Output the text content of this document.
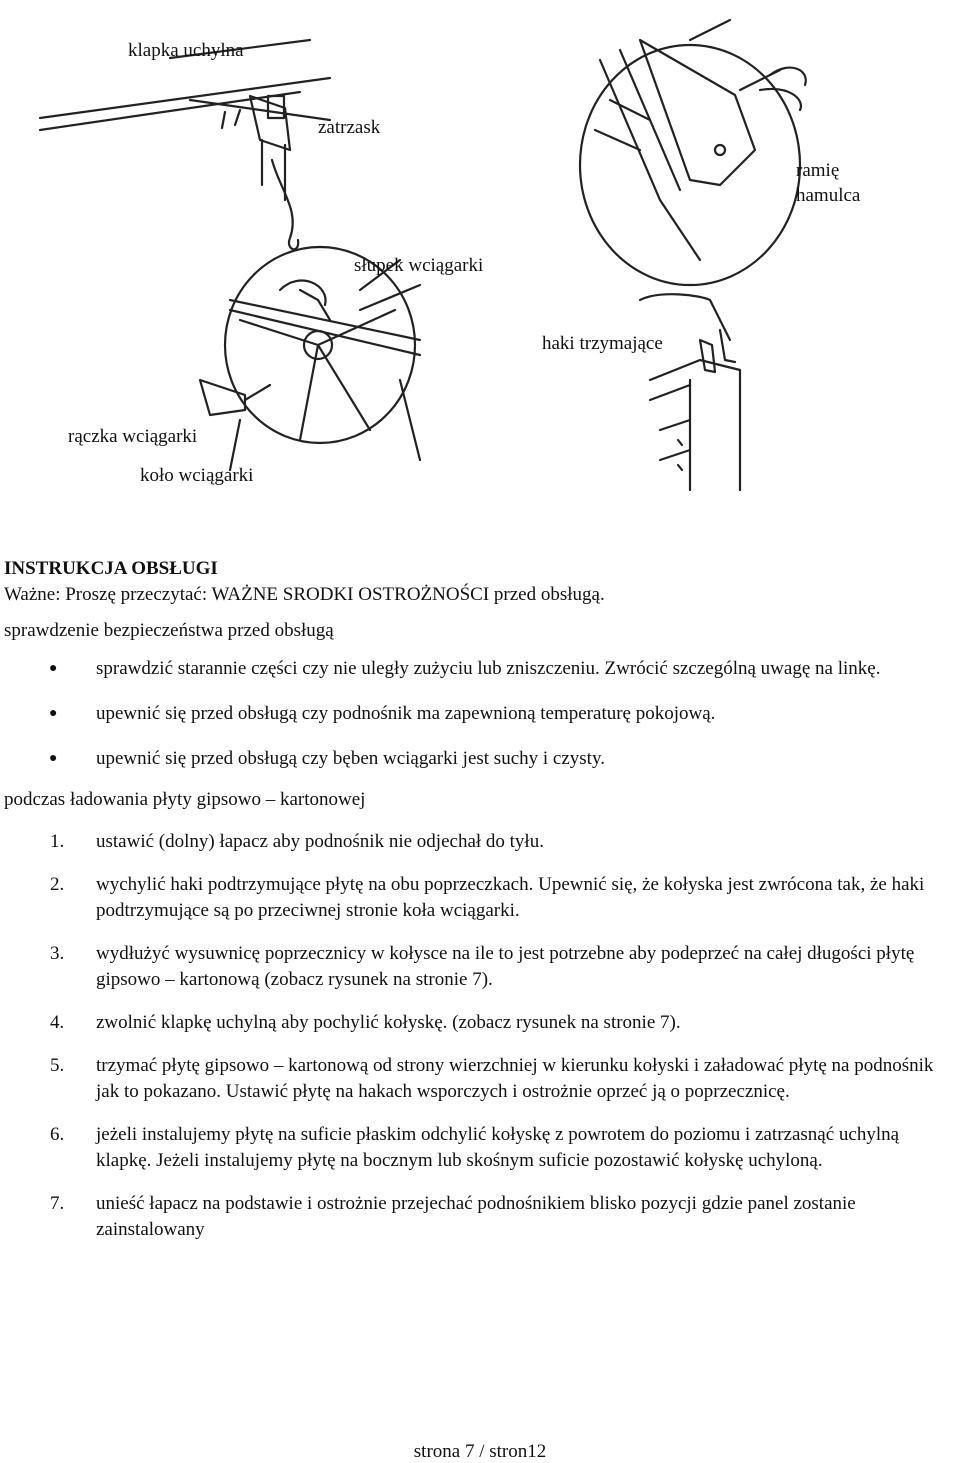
klapka uchylna
zatrzask
ramię hamulca
słupek wciągarki
haki trzymające
rączka wciągarki
koło wciągarki
INSTRUKCJA OBSŁUGI

Ważne: Proszę przeczytać: WAŻNE SRODKI OSTROŻNOŚCI przed obsługą.

sprawdzenie bezpieczeństwa przed obsługą
● sprawdzić starannie części czy nie uległy zużyciu lub zniszczeniu. Zwrócić szczególną uwagę na linkę.
● upewnić się przed obsługą czy podnośnik ma zapewnioną temperaturę pokojową.
● upewnić się przed obsługą czy bęben wciągarki jest suchy i czysty.
podczas ładowania płyty gipsowo – kartonowej
1. ustawić (dolny) łapacz aby podnośnik nie odjechał do tyłu.
2. wychylić haki podtrzymujące płytę na obu poprzeczkach. Upewnić się, że kołyska jest zwrócona tak, że haki podtrzymujące są po przeciwnej stronie koła wciągarki.
3. wydłużyć wysuwnicę poprzecznicy w kołysce na ile to jest potrzebne aby podeprzeć na całej długości płytę gipsowo – kartonową (zobacz rysunek na stronie 7).
4. zwolnić klapkę uchylną aby pochylić kołyskę. (zobacz rysunek na stronie 7).
5. trzymać płytę gipsowo – kartonową od strony wierzchniej w kierunku kołyski i załadować płytę na podnośnik jak to pokazano. Ustawić płytę na hakach wsporczych i ostrożnie oprzeć ją o poprzecznicę.
6. jeżeli instalujemy płytę na suficie płaskim odchylić kołyskę z powrotem do poziomu i zatrzasnąć uchylną klapkę. Jeżeli instalujemy płytę na bocznym lub skośnym suficie pozostawić kołyskę uchyloną.
7. unieść łapacz na podstawie i ostrożnie przejechać podnośnikiem blisko pozycji gdzie panel zostanie zainstalowany
strona 7 / stron12
